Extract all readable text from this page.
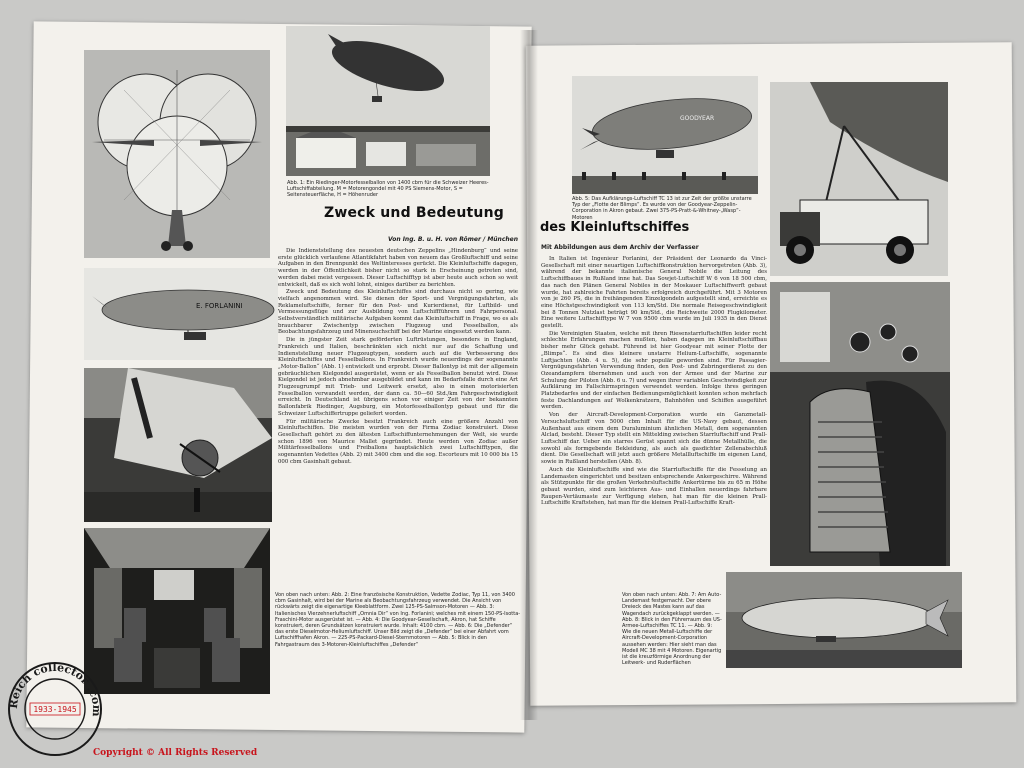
Abb. 1: Ein Riedinger-Motorfesselballon von 1400 cbm für die Schweizer Heeres-Luftschiffabteilung. M = Motorengondel mit 40 PS Siemens-Motor, S = Seitensteuerfläche, H = Höhenruder
E. FORLANINI
Von oben nach unten: Abb. 2: Eine französische Konstruktion, Vedette Zodiac, Typ 11, von 3400 cbm Gasinhalt, wird bei der Marine als Beobachtungsfahrzeug verwendet. Die Ansicht von rückwärts zeigt die eigenartige Kleeblattform. Zwei 125-PS-Salmson-Motoren — Abb. 3: Italienisches Vierzehnerluftschiff „Omnia Dir“ von Ing. Forlanini; welches mit einem 150-PS-Isotta-Fraschini-Motor ausgerüstet ist. — Abb. 4: Die Goodyear-Gesellschaft, Akron, hat Schiffe konstruiert, deren Grundsätzen konstruiert wurde. Inhalt: 4100 cbm. — Abb. 6: Die „Defender“ das erste Dieselmotor-Heliumluftschiff. Unser Bild zeigt die „Defender“ bei einer Abfahrt vom Luftschiffhafen Akron. — 225-PS-Packard-Diesel-Sternmotoren — Abb. 5: Blick in den Fahrgastraum des 3-Motoren-Kleinluftschiffes „Defender“
Zweck und Bedeutung
Von Ing. B. u. H. von Römer / München
des Kleinluftschiffes
Mit Abbildungen aus dem Archiv der Verfasser

Die Indienststellung des neuesten deutschen Zeppelins „Hindenburg“ und seine erste glücklich verlaufene Atlantikfahrt haben von neuem das Großluftschiff und seine Aufgaben in den Brennpunkt des Weltinteresses gerückt. Die Kleinluftschiffe dagegen, werden in der Öffentlichkeit bisher nicht so stark in Erscheinung getreten sind, werden dabei meist vergessen. Dieser Luftschifftyp ist aber heute auch schon so weit entwickelt, daß es sich wohl lohnt, einiges darüber zu berichten.

Zweck und Bedeutung des Kleinluftschiffes sind durchaus nicht so gering, wie vielfach angenommen wird. Sie dienen der Sport- und Vergnügungsfahrten, als Reklameluftschiffe, ferner für den Post- und Kurierdienst, für Luftbild- und Vermessungsflüge und zur Ausbildung von Luftschiffführern und Fahrpersonal. Selbstverständlich militärische Aufgaben kommt das Kleinluftschiff in Frage, wo es als brauchbarer Zwischentyp zwischen Flugzeug und Fesselballon, als Beobachtungsfahrzeug und Minensuchschiff bei der Marine eingesetzt werden kann.

Die in jüngster Zeit stark geförderten Luftrüstungen, besonders in England, Frankreich und Italien, beschränkten sich nicht nur auf die Schaffung und Indienststellung neuer Flugzeugtypen, sondern auch auf die Verbesserung des Kleinluftschiffes und Fesselballons. In Frankreich wurde neuerdings der sogenannte „Motor-Ballon“ (Abb. 1) entwickelt und erprobt. Dieser Ballontyp ist mit der allgemein gebräuchlichen Kielgondel ausgerüstet, wenn er als Fesselballon benutzt wird. Diese Kielgondel ist jedoch abnehmbar ausgebildet und kann im Bedarfsfalle durch eine Art Flugzeugrumpf mit Trieb- und Leitwerk ersetzt, also in einen motorisierten Fesselballon verwandelt werden, der dann ca. 50—60 Std./km Fahrgeschwindigkeit erreicht. In Deutschland ist übrigens schon vor einiger Zeit von der bekannten Ballonfabrik Riedinger, Augsburg, ein Motorfesselballontyp gebaut und für die Schweizer Luftschiffertruppe geliefert worden.

Für militärische Zwecke besitzt Frankreich auch eine größere Anzahl von Kleinluftschiffen. Die meisten wurden von der Firma Zodiac konstruiert. Diese Gesellschaft gehört zu den ältesten Luftschiffunternehmungen der Welt, sie wurde schon 1896 von Maurice Mallet gegründet. Heute werden von Zodiac außer Militärfesselballons und Freiballons hauptsächlich zwei Luftschifftypen, die sogenannten Vedettes (Abb. 2) mit 3400 cbm und die sog. Escorteurs mit 10 000 bis 15 000 cbm Gasinhalt gebaut.

In Italien ist Ingenieur Forlanini, der Präsident der Leonardo da Vinci-Gesellschaft mit einer neuartigen Luftschiffkonstruktion hervorgetreten (Abb. 3), während der bekannte italienische General Nobile die Leitung des Luftschiffbaues in Rußland inne hat. Das Sowjet-Luftschiff W 6 von 18 500 cbm, das nach den Plänen General Nobiles in der Moskauer Luftschiffwerft gebaut wurde, hat zahlreiche Fahrten bereits erfolgreich durchgeführt. Mit 3 Motoren von je 260 PS, die in freihängenden Einzelgondeln aufgestellt sind, erreichte es eine Höchstgeschwindigkeit von 113 km/Std. Die normale Reisegeschwindigkeit bei 8 Tonnen Nutzlast beträgt 90 km/Std., die Reichweite 2000 Flugkilometer. Eine weitere Luftschifftype W 7 von 9500 cbm wurde im Juli 1935 in den Dienst gestellt.

Die Vereinigten Staaten, welche mit ihren Riesenstarrluftschiffen leider recht schlechte Erfahrungen machen mußten, haben dagegen im Kleinluftschiffbau bisher mehr Glück gehabt. Führend ist hier Goodyear mit seiner Flotte der „Blimps“. Es sind dies kleinere unstarre Helium-Luftschiffe, sogenannte Luftjachten (Abb. 4 u. 5), die sehr populär geworden sind. Für Passagier-Vergnügungsfahrten Verwendung finden, den Post- und Zubringerdienst zu den Ozeandampfern übernehmen und auch von der Armee und der Marine zur Schulung der Piloten (Abb. 6 u. 7) und wegen ihrer variablen Geschwindigkeit zur Aufklärung im Fallschirmspringen verwendet werden. Infolge ihres geringen Platzbedarfes und der einfachen Bedienungsmöglichkeit konnten schon mehrfach feste Dachlandungen auf Wolkenkratzern, Bahnhöfen und Schiffen ausgeführt werden.

Von der Aircraft-Development-Corporation wurde ein Ganzmetall-Versuchsluftschiff von 5000 cbm Inhalt für die US-Navy gebaut, dessen Außenhaut aus einem dem Duraluminium ähnlichen Metall, dem sogenannten Alclad, besteht. Dieser Typ stellt ein Mittelding zwischen Starrluftschiff und Prall-Luftschiff dar. Ueber ein starres Gerüst spannt sich die dünne Metallhülle, die sowohl als formgebende Bekleidung, als auch als gasdichter Zellenabschluß dient. Die Gesellschaft will jetzt auch größere Metallluftschiffe im eigenen Land, sowie in Rußland herstellen (Abb. 8).

Auch die Kleinluftschiffe sind wie die Starrluftschiffe für die Fesselung an Landemasten eingerichtet und besitzen entsprechende Ankergeschirre. Während als Stützpunkte für die großen Verkehrsluftschiffe Ankertürme bis zu 65 m Höhe gebaut wurden, sind zum leichteren Aus- und Einhallen neuerdings fahrbare Raupen-Vertäumaste zur Verfügung stehen, hat man für die kleinen Prall-Luftschiffe Kraftstehen, hat man für die kleinen Prall-Luftschiffe Kraft-

GOODYEAR
Abb. 5: Das Aufklärungs-Luftschiff TC 13 ist zur Zeit der größte unstarre Typ der „Flotte der Blimps“. Es wurde von der Goodyear-Zeppelin-Corporation in Akron gebaut. Zwei 375-PS-Pratt-&-Whitney-„Wasp“-Motoren
Von oben nach unten: Abb. 7: Am Auto-Landemast festgemacht. Der obere Dreieck des Mastes kann auf das Wagendach zurückgeklappt werden. — Abb. 8: Blick in den Führerraum des US-Armee-Luftschiffes TC 11. — Abb. 9: Wie die neuen Metall-Luftschiffe der Aircraft-Development-Corporation aussehen werden: Hier sieht man das Modell MC 38 mit 4 Motoren. Eigenartig ist die kreuzförmige Anordnung der Leitwerk- und Ruderflächen
Reich collector .com
1933-1945
Copyright © All Rights Reserved
